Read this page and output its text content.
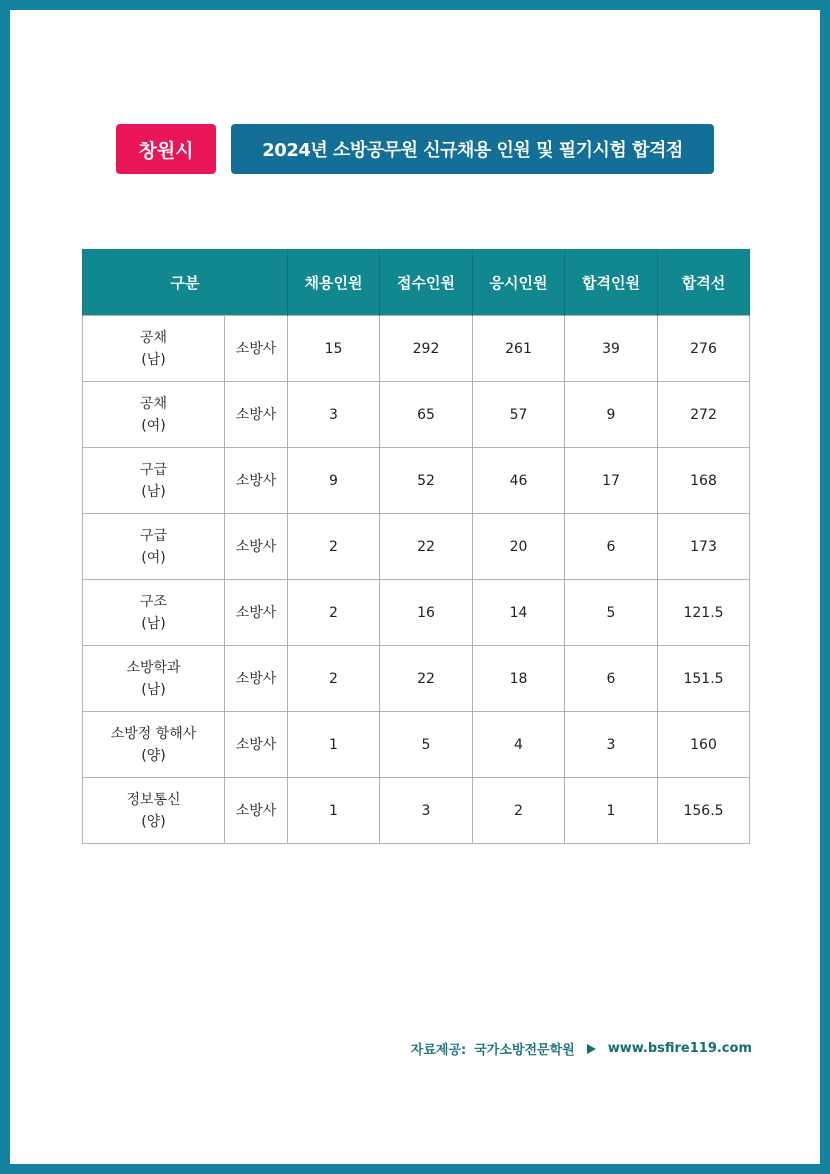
창원시	2024년 소방공무원 신규채용 인원 및 필기시험 합격점
구분		채용인원	접수인원	응시인원	합격인원	합격선

공채
(남)	소방사	15	292	261	39	276

공채
(여)	소방사	3	65	57	9	272

구급
(남)	소방사	9	52	46	17	168

구급
(여)	소방사	2	22	20	6	173

구조
(남)	소방사	2	16	14	5	121.5

소방학과
(남)	소방사	2	22	18	6	151.5

소방정 항해사
(양)	소방사	1	5	4	3	160

정보통신
(양)	소방사	1	3	2	1	156.5
자료제공: 국가소방전문학원	www.bsfire119.com
